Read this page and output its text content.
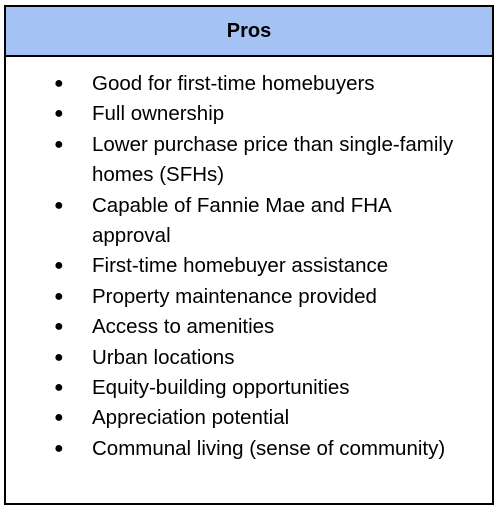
Pros
● Good for first-time homebuyers
● Full ownership
● Lower purchase price than single-family homes (SFHs)
● Capable of Fannie Mae and FHA approval
● First-time homebuyer assistance
● Property maintenance provided
● Access to amenities
● Urban locations
● Equity-building opportunities
● Appreciation potential
● Communal living (sense of community)
